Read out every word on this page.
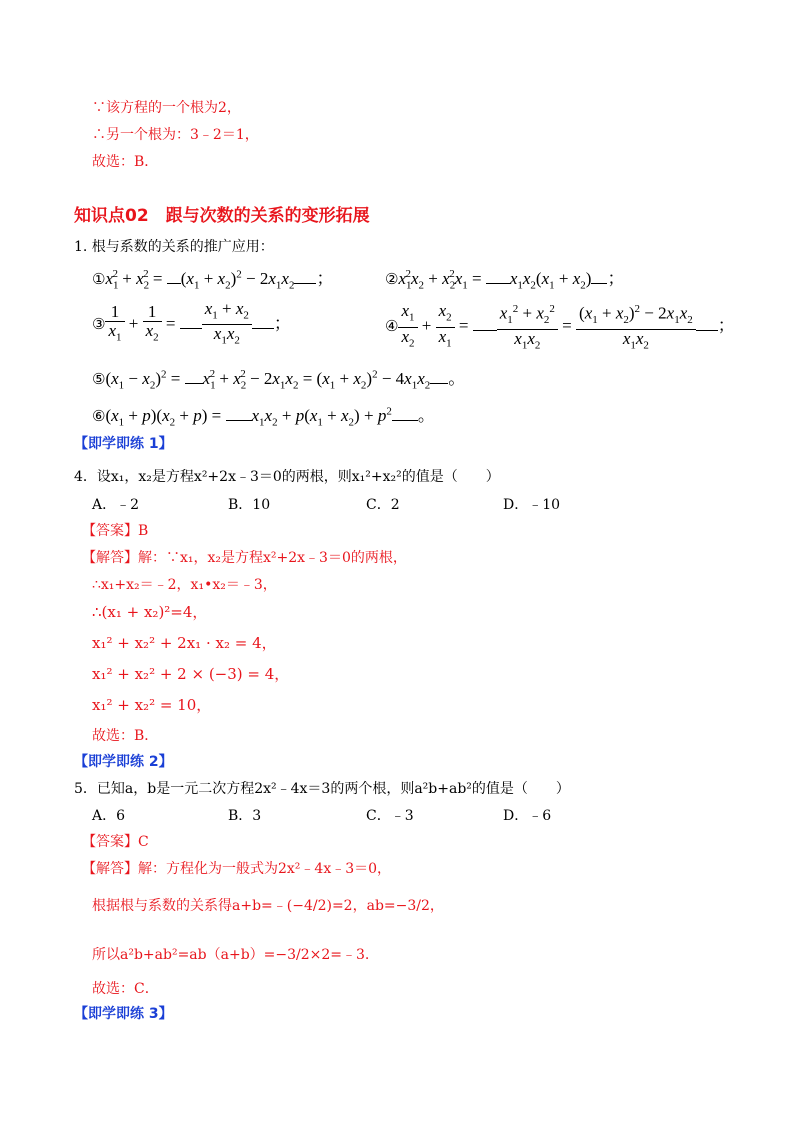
∵该方程的一个根为2，
∴另一个根为：3﹣2＝1，
故选：B．
知识点02　跟与次数的关系的变形拓展
1. 根与系数的关系的推广应用：
$①x_1^2 + x_2^2 = (x_1 + x_2)^2 - 2x_1x_2$ ；	$②x_1^2x_2 + x_2^2x_1 = x_1x_2(x_1 + x_2)$ ；
③ $\frac{1}{x_1} + \frac{1}{x_2} = \frac{x_1 + x_2}{x_1x_2}$ ；	④ $\frac{x_1}{x_2} + \frac{x_2}{x_1} = \frac{x_1^2 + x_2^2}{x_1x_2} = \frac{(x_1 + x_2)^2 - 2x_1x_2}{x_1x_2}$ ；
$⑤(x_1 - x_2)^2 = x_1^2 + x_2^2 - 2x_1x_2 = (x_1 + x_2)^2 - 4x_1x_2$ 。
$⑥(x_1 + p)(x_2 + p) = x_1x_2 + p(x_1 + x_2) + p^2$ 。
【即学即练 1】
4．设x₁，x₂是方程x²+2x﹣3＝0的两根，则x₁²+x₂²的值是（　　）
A．﹣2	B．10	C．2	D．﹣10
【答案】B
【解答】解：∵x₁，x₂是方程x²+2x﹣3＝0的两根，
∴x₁+x₂＝﹣2，x₁•x₂＝﹣3，
∴(x₁ + x₂)²=4，
x₁² + x₂² + 2x₁ · x₂ = 4，
x₁² + x₂² + 2 × (−3) = 4，
x₁² + x₂² = 10，
故选：B．
【即学即练 2】
5．已知a，b是一元二次方程2x²﹣4x＝3的两个根，则a²b+ab²的值是（　　）
A．6	B．3	C．﹣3	D．﹣6
【答案】C
【解答】解：方程化为一般式为2x²﹣4x﹣3＝0，
根据根与系数的关系得a+b=﹣(−4/2)=2，ab=−3/2，
所以a²b+ab²=ab（a+b）=−3/2×2=﹣3.
故选：C．
【即学即练 3】
